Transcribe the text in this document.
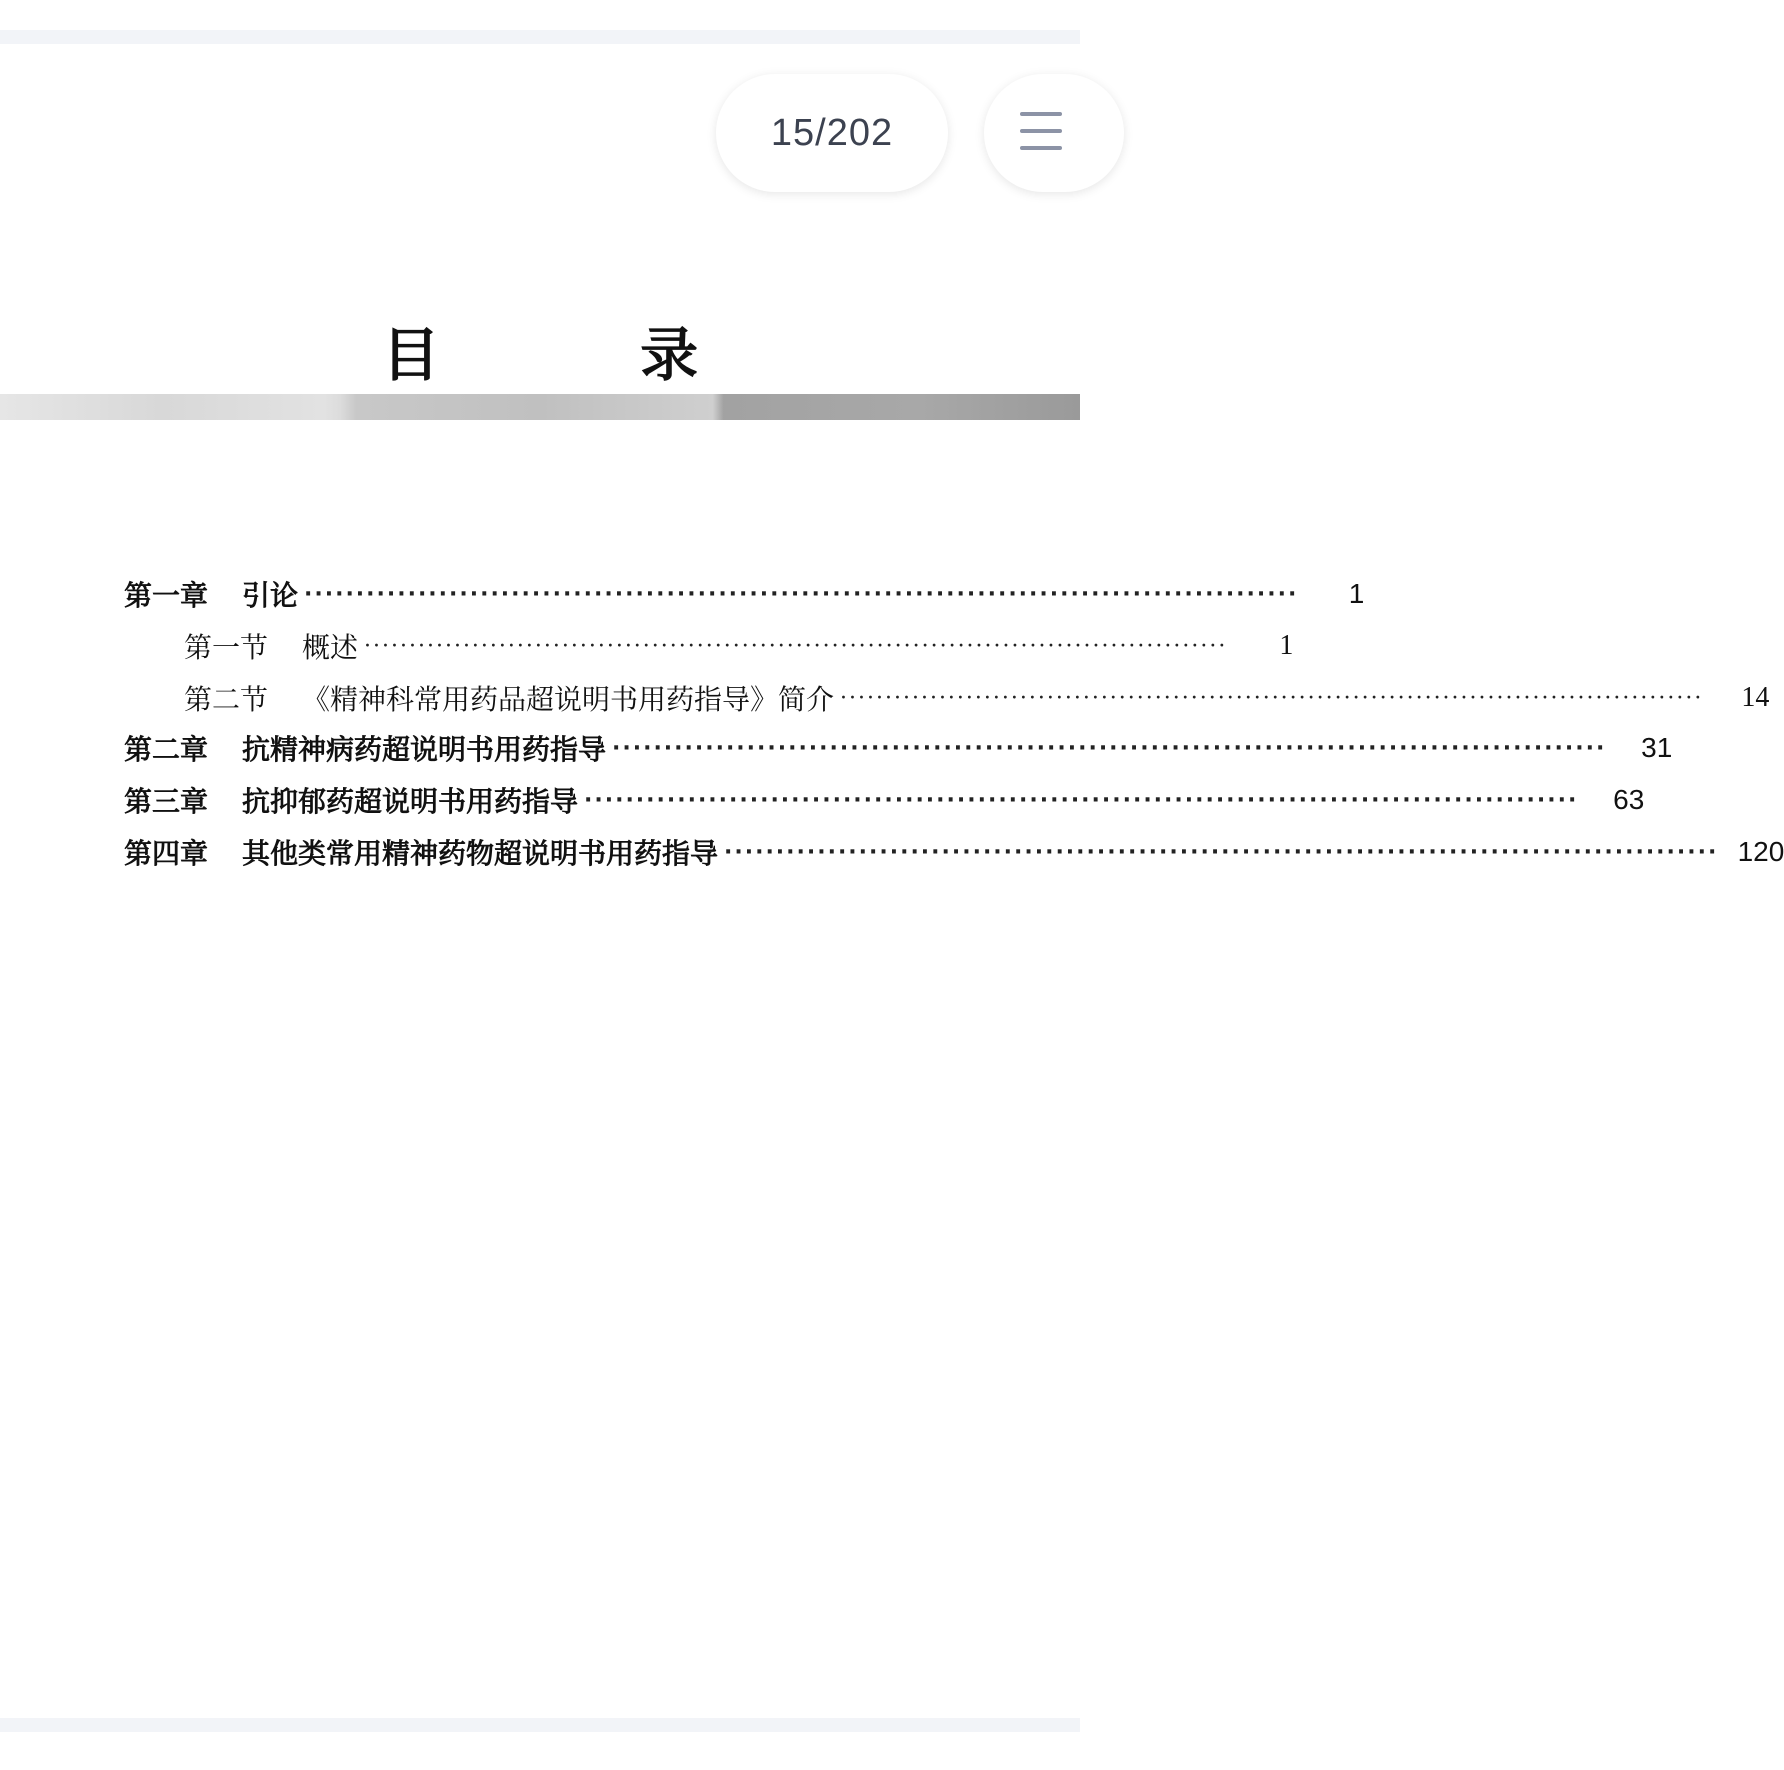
15/202
目 录
第一章	引论 ································································································	1
第一节	概述 ································································································	1
第二节	《精神科常用药品超说明书用药指导》简介 ································································································	14
第二章	抗精神病药超说明书用药指导 ································································································	31
第三章	抗抑郁药超说明书用药指导 ································································································	63
第四章	其他类常用精神药物超说明书用药指导 ································································································ 120
